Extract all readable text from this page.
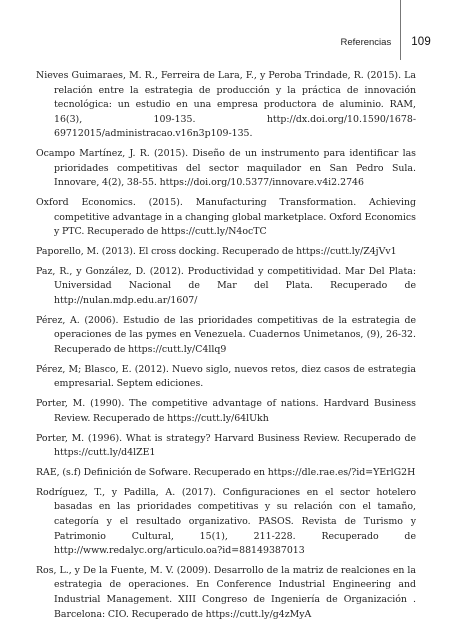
Referencias 109

Nieves Guimaraes, M. R., Ferreira de Lara, F., y Peroba Trindade, R. (2015). La relación entre la estrategia de producción y la práctica de innovación tecnológica: un estudio en una empresa productora de aluminio. RAM, 16(3), 109-135. http://dx.doi.org/10.1590/1678-69712015/administracao.v16n3p109-135.

Ocampo Martínez, J. R. (2015). Diseño de un instrumento para identificar las prioridades competitivas del sector maquilador en San Pedro Sula. Innovare, 4(2), 38-55. https://doi.org/10.5377/innovare.v4i2.2746

Oxford Economics. (2015). Manufacturing Transformation. Achieving competitive advantage in a changing global marketplace. Oxford Economics y PTC. Recuperado de https://cutt.ly/N4ocTC

Paporello, M. (2013). El cross docking. Recuperado de https://cutt.ly/Z4jVv1

Paz, R., y González, D. (2012). Productividad y competitividad. Mar Del Plata: Universidad Nacional de Mar del Plata. Recuperado de http://nulan.mdp.edu.ar/1607/

Pérez, A. (2006). Estudio de las prioridades competitivas de la estrategia de operaciones de las pymes en Venezuela. Cuadernos Unimetanos, (9), 26-32. Recuperado de https://cutt.ly/C4llq9

Pérez, M; Blasco, E. (2012). Nuevo siglo, nuevos retos, diez casos de estrategia empresarial. Septem ediciones.

Porter, M. (1990). The competitive advantage of nations. Hardvard Business Review. Recuperado de https://cutt.ly/64lUkh

Porter, M. (1996). What is strategy? Harvard Business Review. Recuperado de https://cutt.ly/d4lZE1

RAE, (s.f) Definición de Sofware. Recuperado en https://dle.rae.es/?id=YErlG2H

Rodríguez, T., y Padilla, A. (2017). Configuraciones en el sector hotelero basadas en las prioridades competitivas y su relación con el tamaño, categoría y el resultado organizativo. PASOS. Revista de Turismo y Patrimonio Cultural, 15(1), 211-228. Recuperado de http://www.redalyc.org/articulo.oa?id=88149387013

Ros, L., y De la Fuente, M. V. (2009). Desarrollo de la matriz de realciones en la estrategia de operaciones. En Conference Industrial Engineering and Industrial Management. XIII Congreso de Ingeniería de Organización . Barcelona: CIO. Recuperado de https://cutt.ly/g4zMyA
